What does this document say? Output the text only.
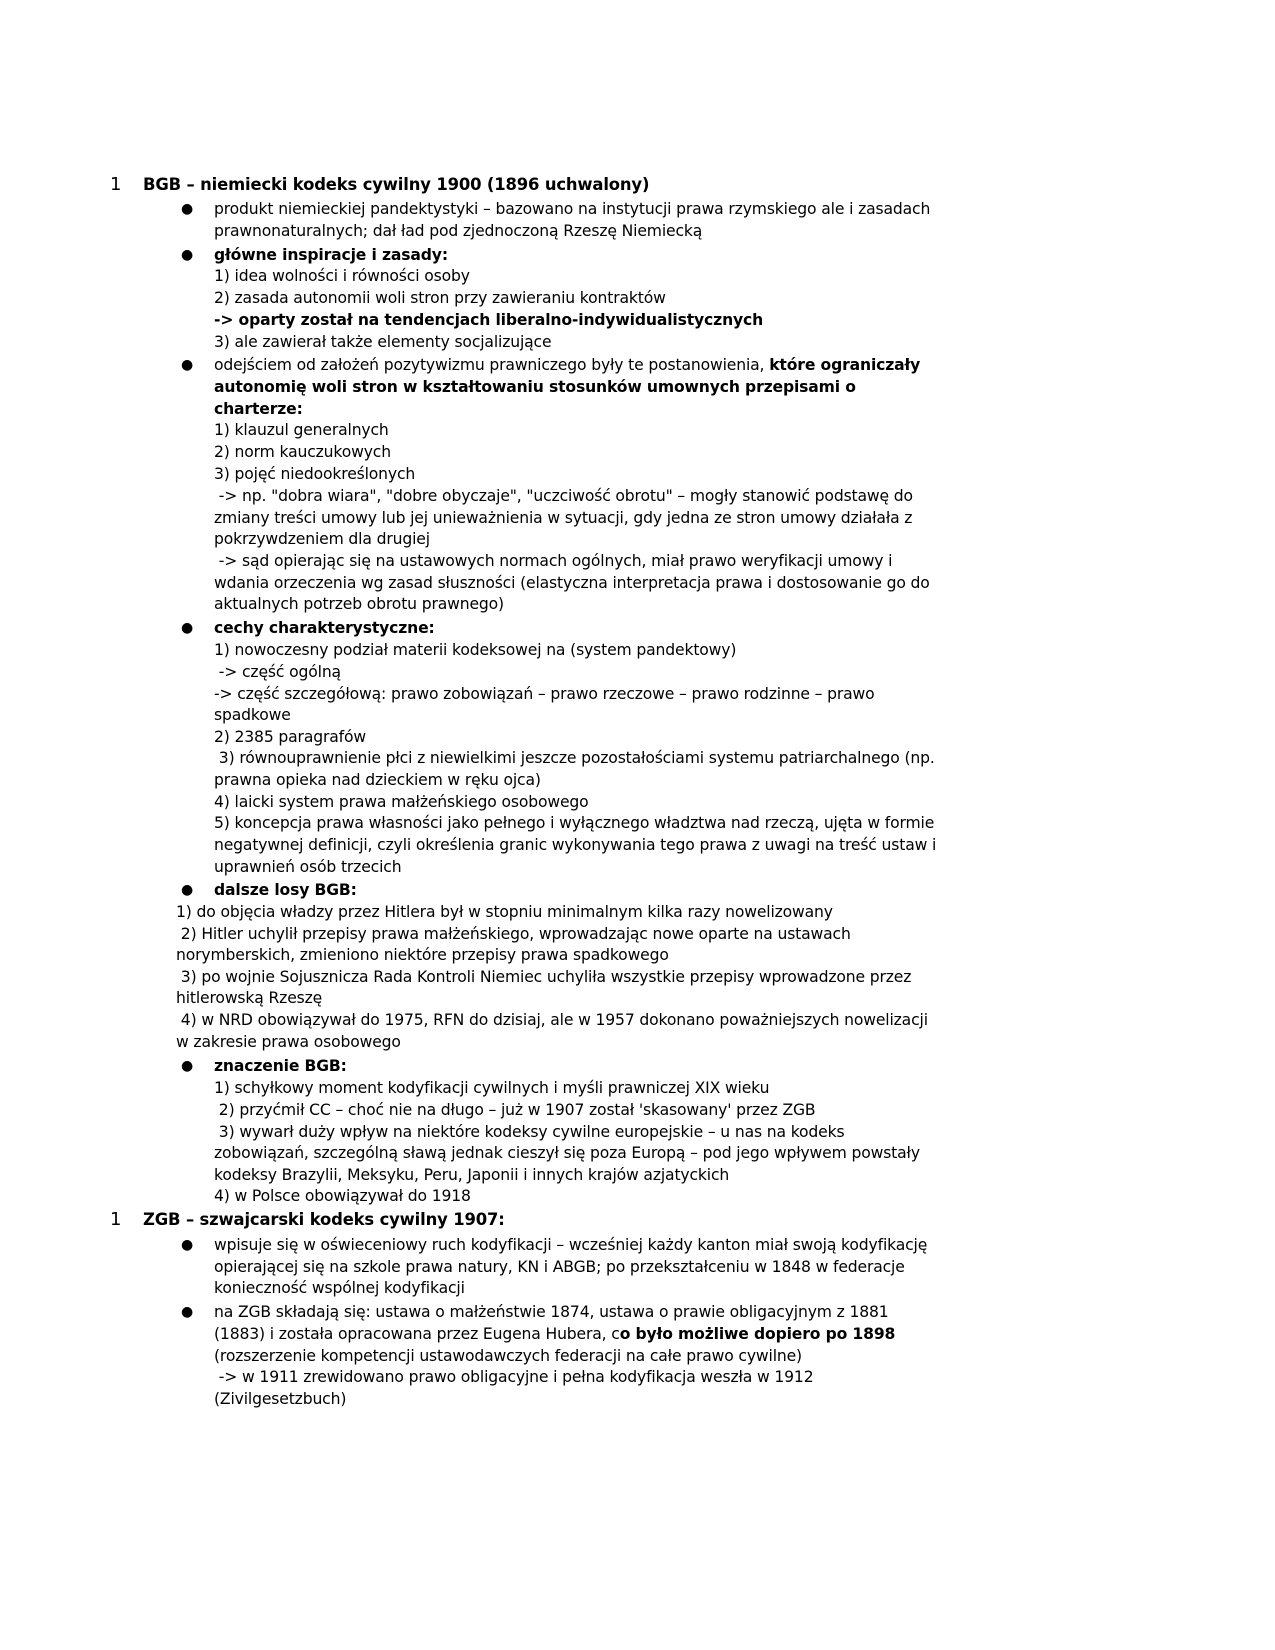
1 BGB – niemiecki kodeks cywilny 1900 (1896 uchwalony)
● produkt niemieckiej pandektystyki – bazowano na instytucji prawa rzymskiego ale i zasadach
prawnonaturalnych; dał ład pod zjednoczoną Rzeszę Niemiecką
● główne inspiracje i zasady:
1) idea wolności i równości osoby
2) zasada autonomii woli stron przy zawieraniu kontraktów
-> oparty został na tendencjach liberalno-indywidualistycznych
3) ale zawierał także elementy socjalizujące
● odejściem od założeń pozytywizmu prawniczego były te postanowienia, które ograniczały
autonomię woli stron w kształtowaniu stosunków umownych przepisami o
charterze:
1) klauzul generalnych
2) norm kauczukowych
3) pojęć niedookreślonych
-> np. "dobra wiara", "dobre obyczaje", "uczciwość obrotu" – mogły stanowić podstawę do
zmiany treści umowy lub jej unieważnienia w sytuacji, gdy jedna ze stron umowy działała z
pokrzywdzeniem dla drugiej
-> sąd opierając się na ustawowych normach ogólnych, miał prawo weryfikacji umowy i
wdania orzeczenia wg zasad słuszności (elastyczna interpretacja prawa i dostosowanie go do
aktualnych potrzeb obrotu prawnego)
● cechy charakterystyczne:
1) nowoczesny podział materii kodeksowej na (system pandektowy)
-> część ogólną
-> część szczegółową: prawo zobowiązań – prawo rzeczowe – prawo rodzinne – prawo
spadkowe
2) 2385 paragrafów
3) równouprawnienie płci z niewielkimi jeszcze pozostałościami systemu patriarchalnego (np.
prawna opieka nad dzieckiem w ręku ojca)
4) laicki system prawa małżeńskiego osobowego
5) koncepcja prawa własności jako pełnego i wyłącznego władztwa nad rzeczą, ujęta w formie
negatywnej definicji, czyli określenia granic wykonywania tego prawa z uwagi na treść ustaw i
uprawnień osób trzecich
● dalsze losy BGB:
1) do objęcia władzy przez Hitlera był w stopniu minimalnym kilka razy nowelizowany
2) Hitler uchylił przepisy prawa małżeńskiego, wprowadzając nowe oparte na ustawach
norymberskich, zmieniono niektóre przepisy prawa spadkowego
3) po wojnie Sojusznicza Rada Kontroli Niemiec uchyliła wszystkie przepisy wprowadzone przez
hitlerowską Rzeszę
4) w NRD obowiązywał do 1975, RFN do dzisiaj, ale w 1957 dokonano poważniejszych nowelizacji
w zakresie prawa osobowego
● znaczenie BGB:
1) schyłkowy moment kodyfikacji cywilnych i myśli prawniczej XIX wieku
2) przyćmił CC – choć nie na długo – już w 1907 został 'skasowany' przez ZGB
3) wywarł duży wpływ na niektóre kodeksy cywilne europejskie – u nas na kodeks
zobowiązań, szczególną sławą jednak cieszył się poza Europą – pod jego wpływem powstały
kodeksy Brazylii, Meksyku, Peru, Japonii i innych krajów azjatyckich
4) w Polsce obowiązywał do 1918
1 ZGB – szwajcarski kodeks cywilny 1907:
● wpisuje się w oświeceniowy ruch kodyfikacji – wcześniej każdy kanton miał swoją kodyfikację
opierającej się na szkole prawa natury, KN i ABGB; po przekształceniu w 1848 w federacje
konieczność wspólnej kodyfikacji
● na ZGB składają się: ustawa o małżeństwie 1874, ustawa o prawie obligacyjnym z 1881
(1883) i została opracowana przez Eugena Hubera, co było możliwe dopiero po 1898
(rozszerzenie kompetencji ustawodawczych federacji na całe prawo cywilne)
-> w 1911 zrewidowano prawo obligacyjne i pełna kodyfikacja weszła w 1912
(Zivilgesetzbuch)
